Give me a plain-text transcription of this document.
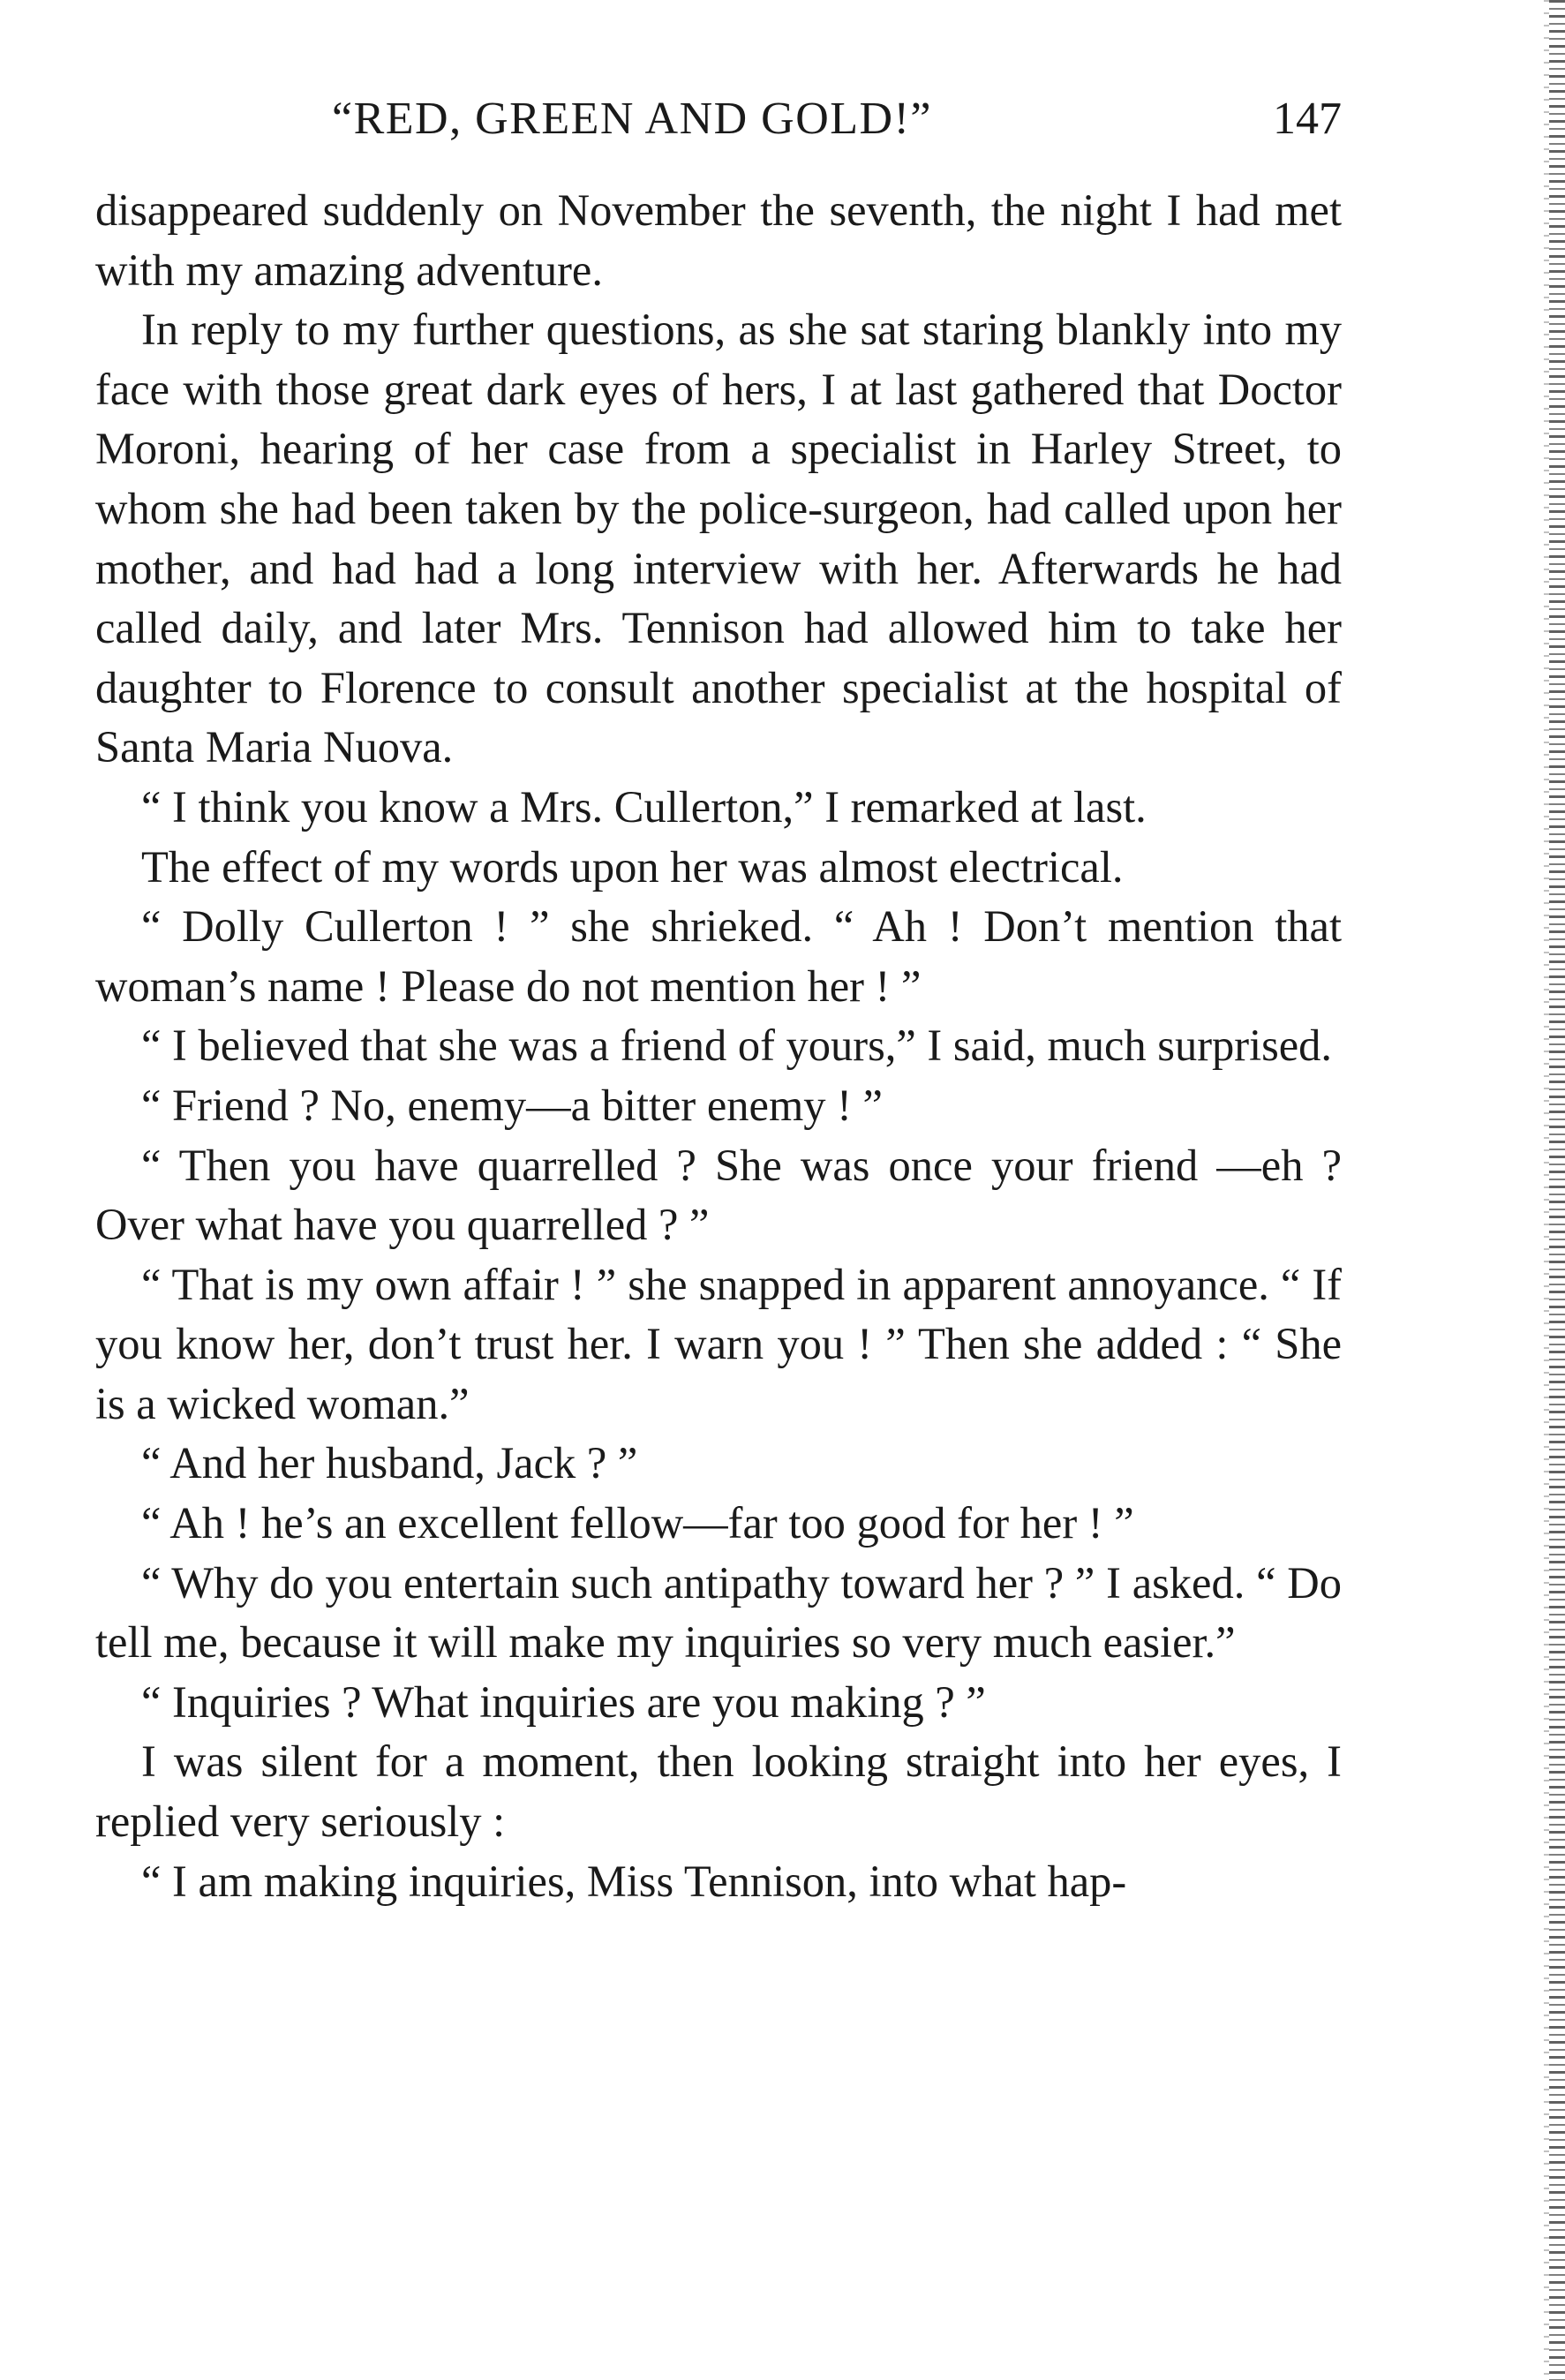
“RED, GREEN AND GOLD!”	147

disappeared suddenly on November the seventh, the night I had met with my amazing adventure.

In reply to my further questions, as she sat staring blankly into my face with those great dark eyes of hers, I at last gathered that Doctor Moroni, hearing of her case from a specialist in Harley Street, to whom she had been taken by the police-surgeon, had called upon her mother, and had had a long interview with her. Afterwards he had called daily, and later Mrs. Tennison had allowed him to take her daughter to Florence to consult another specialist at the hospital of Santa Maria Nuova.

“ I think you know a Mrs. Cullerton,” I remarked at last.

The effect of my words upon her was almost electrical.

“ Dolly Cullerton ! ” she shrieked. “ Ah ! Don’t mention that woman’s name ! Please do not mention her ! ”

“ I believed that she was a friend of yours,” I said, much surprised.

“ Friend ? No, enemy—a bitter enemy ! ”

“ Then you have quarrelled ? She was once your friend —eh ? Over what have you quarrelled ? ”

“ That is my own affair ! ” she snapped in apparent annoyance. “ If you know her, don’t trust her. I warn you ! ” Then she added : “ She is a wicked woman.”

“ And her husband, Jack ? ”

“ Ah ! he’s an excellent fellow—far too good for her ! ”

“ Why do you entertain such antipathy toward her ? ” I asked. “ Do tell me, because it will make my inquiries so very much easier.”

“ Inquiries ? What inquiries are you making ? ”

I was silent for a moment, then looking straight into her eyes, I replied very seriously :

“ I am making inquiries, Miss Tennison, into what hap-
